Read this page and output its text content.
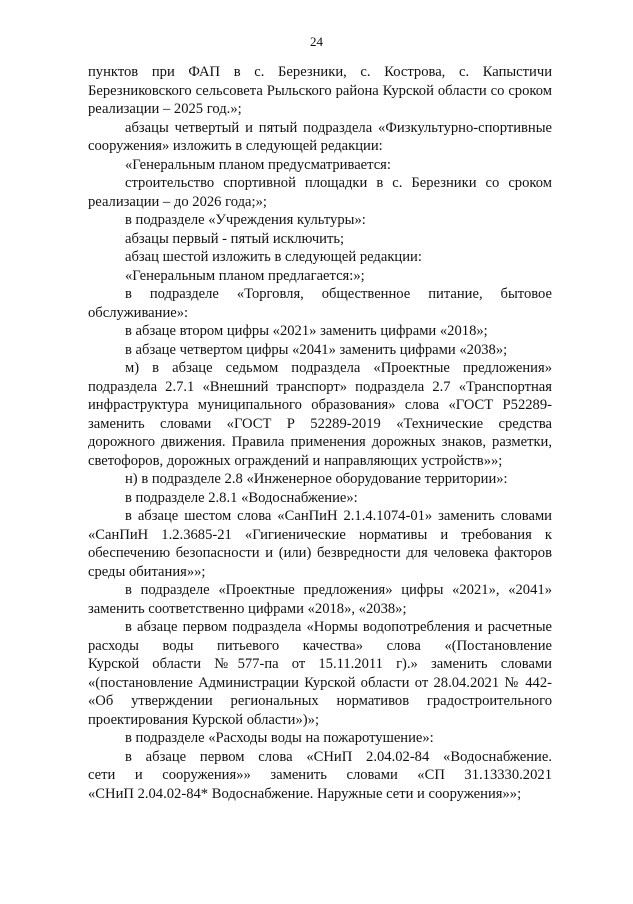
24
пунктов при ФАП в с. Березники, с. Кострова, с. Капыстичи
Березниковского сельсовета Рыльского района Курской области со сроком
реализации – 2025 год.»;
абзацы четвертый и пятый подраздела «Физкультурно-спортивные
сооружения» изложить в следующей редакции:
«Генеральным планом предусматривается:
строительство спортивной площадки в с. Березники со сроком
реализации – до 2026 года;»;
в подразделе «Учреждения культуры»:
абзацы первый - пятый исключить;
абзац шестой изложить в следующей редакции:
«Генеральным планом предлагается:»;
в подразделе «Торговля, общественное питание, бытовое
обслуживание»:
в абзаце втором цифры «2021» заменить цифрами «2018»;
в абзаце четвертом цифры «2041» заменить цифрами «2038»;
м) в абзаце седьмом подраздела «Проектные предложения»
подраздела 2.7.1 «Внешний транспорт» подраздела 2.7 «Транспортная
инфраструктура муниципального образования» слова «ГОСТ Р52289-
заменить словами «ГОСТ Р 52289-2019 «Технические средства
дорожного движения. Правила применения дорожных знаков, разметки,
светофоров, дорожных ограждений и направляющих устройств»»;
н) в подразделе 2.8 «Инженерное оборудование территории»:
в подразделе 2.8.1 «Водоснабжение»:
в абзаце шестом слова «СанПиН 2.1.4.1074-01» заменить словами
«СанПиН 1.2.3685-21 «Гигиенические нормативы и требования к
обеспечению безопасности и (или) безвредности для человека факторов
среды обитания»»;
в подразделе «Проектные предложения» цифры «2021», «2041»
заменить соответственно цифрами «2018», «2038»;
в абзаце первом подраздела «Нормы водопотребления и расчетные
расходы воды питьевого качества» слова «(Постановление
Курской области №577-па от 15.11.2011 г).» заменить словами
«(постановление Администрации Курской области от 28.04.2021 № 442-
«Об утверждении региональных нормативов градостроительного
проектирования Курской области»)»;
в подразделе «Расходы воды на пожаротушение»:
в абзаце первом слова «СНиП 2.04.02-84 «Водоснабжение.
сети и сооружения»» заменить словами «СП 31.13330.2021
«СНиП 2.04.02-84* Водоснабжение. Наружные сети и сооружения»»;
